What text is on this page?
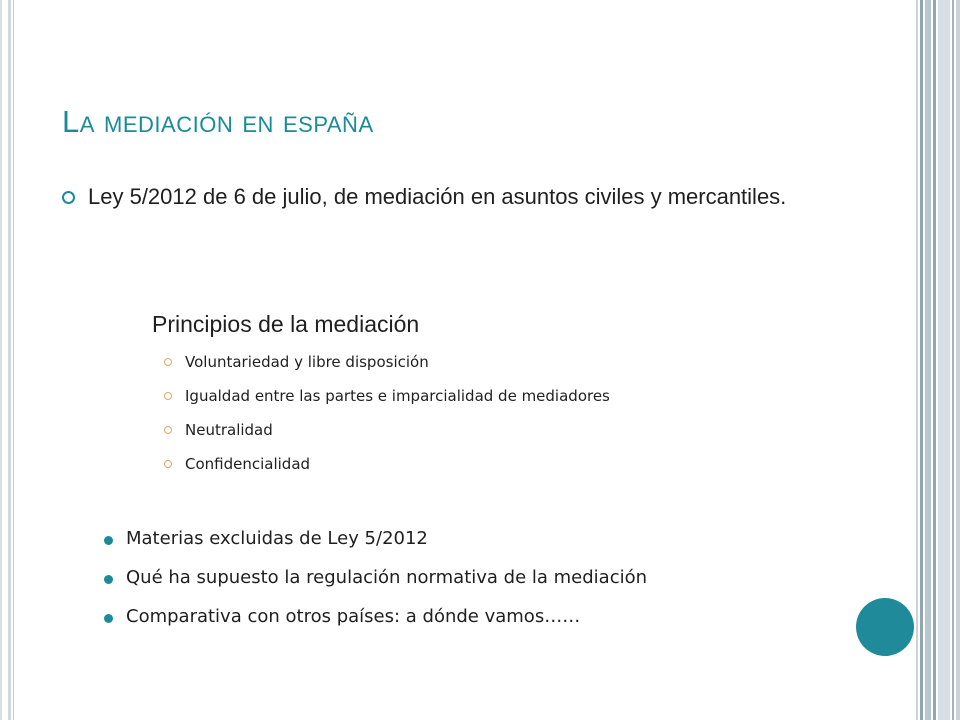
La mediación en españa
Ley 5/2012 de 6 de julio, de mediación en asuntos civiles y mercantiles.
Principios de la mediación
Voluntariedad y libre disposición
Igualdad entre las partes e imparcialidad de mediadores
Neutralidad
Confidencialidad
Materias excluidas de Ley 5/2012
Qué ha supuesto la regulación normativa de la mediación
Comparativa con otros países: a dónde vamos……
